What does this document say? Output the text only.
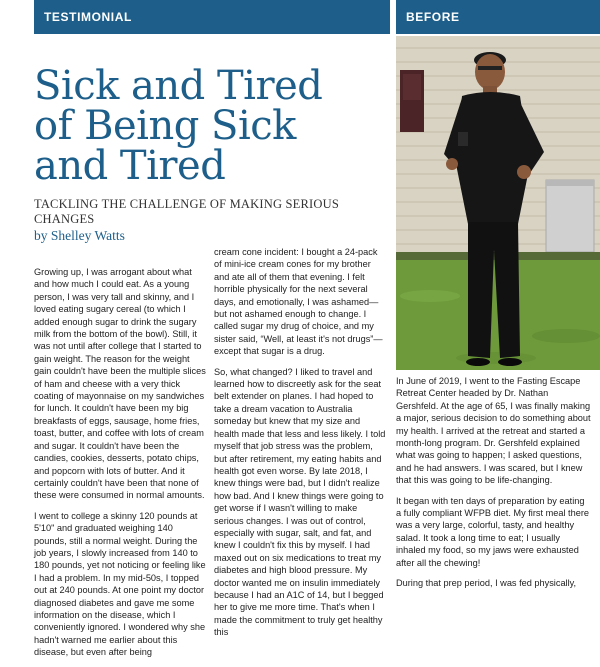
TESTIMONIAL	BEFORE
Sick and Tired
of Being Sick
and Tired
TACKLING THE CHALLENGE OF MAKING SERIOUS CHANGES
by Shelley Watts

Growing up, I was arrogant about what and how much I could eat. As a young person, I was very tall and skinny, and I loved eating sugary cereal (to which I added enough sugar to drink the sugary milk from the bottom of the bowl). Still, it was not until after college that I started to gain weight. The reason for the weight gain couldn't have been the multiple slices of ham and cheese with a very thick coating of mayonnaise on my sandwiches for lunch. It couldn't have been my big breakfasts of eggs, sausage, home fries, toast, butter, and coffee with lots of cream and sugar. It couldn't have been the candies, cookies, desserts, potato chips, and popcorn with lots of butter. And it certainly couldn't have been that none of these were consumed in normal amounts.

I went to college a skinny 120 pounds at 5'10" and graduated weighing 140 pounds, still a normal weight. During the job years, I slowly increased from 140 to 180 pounds, yet not noticing or feeling like I had a problem. In my mid-50s, I topped out at 240 pounds. At one point my doctor diagnosed diabetes and gave me some information on the disease, which I conveniently ignored. I wondered why she hadn't warned me earlier about this disease, but even after being

cream cone incident: I bought a 24-pack of mini-ice cream cones for my brother and ate all of them that evening. I felt horrible physically for the next several days, and emotionally, I was ashamed—but not ashamed enough to change. I called sugar my drug of choice, and my sister said, “Well, at least it's not drugs”—except that sugar is a drug.

So, what changed? I liked to travel and learned how to discreetly ask for the seat belt extender on planes. I had hoped to take a dream vacation to Australia someday but knew that my size and health made that less and less likely. I told myself that job stress was the problem, but after retirement, my eating habits and health got even worse. By late 2018, I knew things were bad, but I didn't realize how bad. And I knew things were going to get worse if I wasn't willing to make serious changes. I was out of control, especially with sugar, salt, and fat, and knew I couldn't fix this by myself. I had maxed out on six medications to treat my diabetes and high blood pressure. My doctor wanted me on insulin immediately because I had an A1C of 14, but I begged her to give me more time. That's when I made the commitment to truly get healthy this

In June of 2019, I went to the Fasting Escape Retreat Center headed by Dr. Nathan Gershfeld. At the age of 65, I was finally making a major, serious decision to do something about my health. I arrived at the retreat and started a month-long program. Dr. Gershfeld explained what was going to happen; I asked questions, and he had answers. I was scared, but I knew that this was going to be life-changing.

It began with ten days of preparation by eating a fully compliant WFPB diet. My first meal there was a very large, colorful, tasty, and healthy salad. It took a long time to eat; I usually inhaled my food, so my jaws were exhausted after all the chewing!

During that prep period, I was fed physically,
